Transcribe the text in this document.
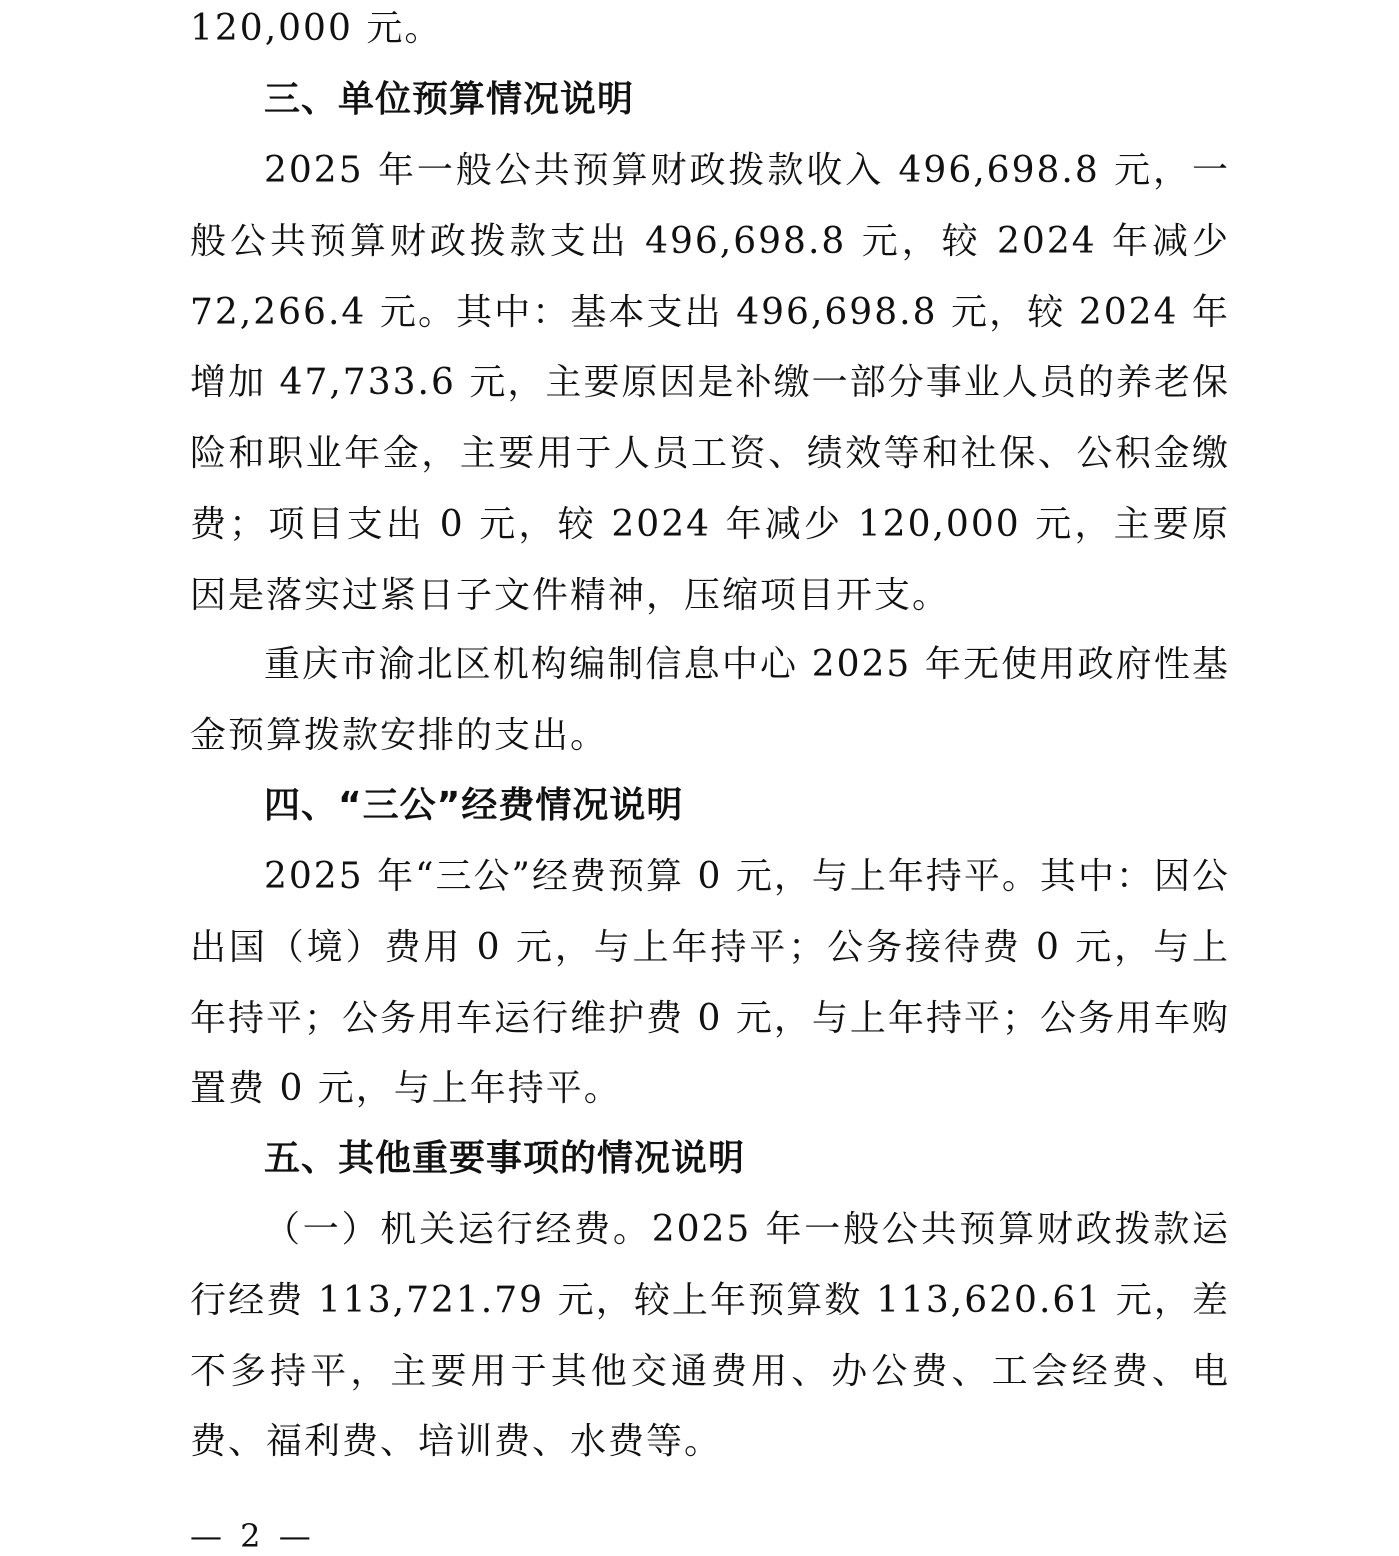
120,000 元。

三、单位预算情况说明

2025 年一般公共预算财政拨款收入 496,698.8 元，一般公共预算财政拨款支出 496,698.8 元，较 2024 年减少 72,266.4 元。其中：基本支出 496,698.8 元，较 2024 年增加 47,733.6 元，主要原因是补缴一部分事业人员的养老保险和职业年金，主要用于人员工资、绩效等和社保、公积金缴费；项目支出 0 元，较 2024 年减少 120,000 元，主要原因是落实过紧日子文件精神，压缩项目开支。

重庆市渝北区机构编制信息中心 2025 年无使用政府性基金预算拨款安排的支出。

四、“三公”经费情况说明

2025 年“三公”经费预算 0 元，与上年持平。其中：因公出国（境）费用 0 元，与上年持平；公务接待费 0 元，与上年持平；公务用车运行维护费 0 元，与上年持平；公务用车购置费 0 元，与上年持平。

五、其他重要事项的情况说明

（一）机关运行经费。2025 年一般公共预算财政拨款运行经费 113,721.79 元，较上年预算数 113,620.61 元，差不多持平，主要用于其他交通费用、办公费、工会经费、电费、福利费、培训费、水费等。

— 2 —
